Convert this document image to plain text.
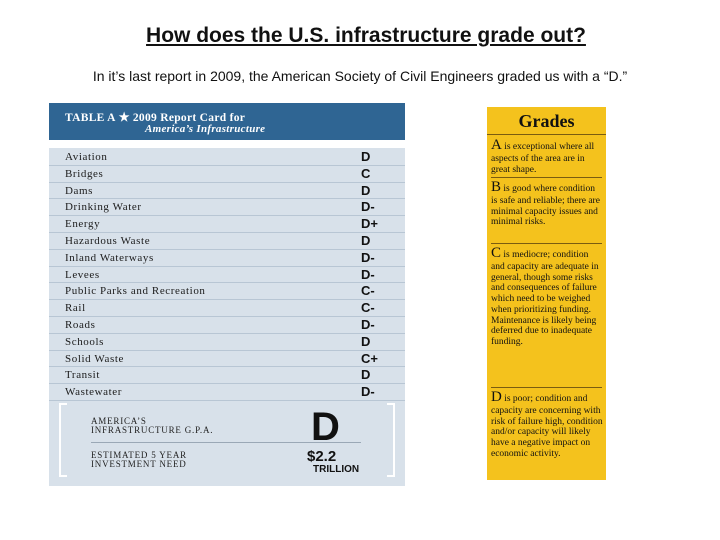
How does the U.S. infrastructure grade out?
In it’s last report in 2009, the American Society of Civil Engineers graded us with a “D.”
TABLE A ★ 2009 Report Card for
America’s Infrastructure
Aviation	D
Bridges	C
Dams	D
Drinking Water	D-
Energy	D+
Hazardous Waste	D
Inland Waterways	D-
Levees	D-
Public Parks and Recreation	C-
Rail	C-
Roads	D-
Schools	D
Solid Waste	C+
Transit	D
Wastewater	D-
AMERICA’S
INFRASTRUCTURE G.P.A.
ESTIMATED 5 YEAR
INVESTMENT NEED
D
$2.2
TRILLION
Grades
A is exceptional where all aspects of the area are in great shape.
B is good where condition is safe and reliable; there are minimal capacity issues and minimal risks.
C is mediocre; condition and capacity are adequate in general, though some risks and consequences of failure which need to be weighed when prioritizing funding. Maintenance is likely being deferred due to inadequate funding.
D is poor; condition and capacity are concerning with risk of failure high, condition and/or capacity will likely have a negative impact on economic activity.
